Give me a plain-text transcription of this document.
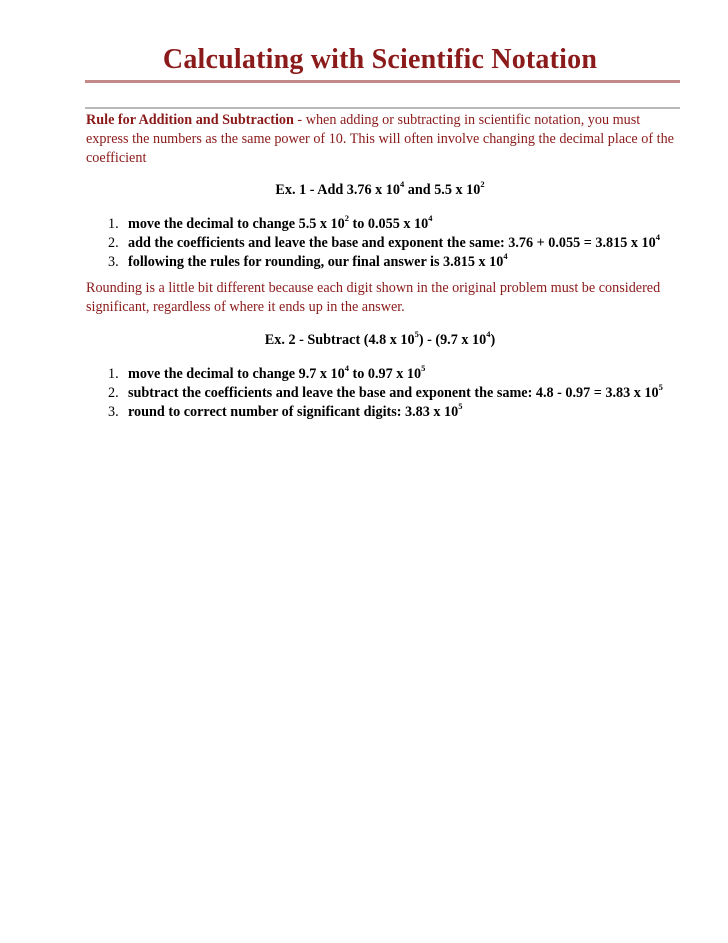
Calculating with Scientific Notation
Rule for Addition and Subtraction - when adding or subtracting in scientific notation, you must express the numbers as the same power of 10. This will often involve changing the decimal place of the coefficient
Ex. 1 - Add 3.76 x $10^4$ and 5.5 x $10^2$
1. move the decimal to change 5.5 x $10^2$ to 0.055 x $10^4$
2. add the coefficients and leave the base and exponent the same: 3.76 + 0.055 = 3.815 x $10^4$
3. following the rules for rounding, our final answer is 3.815 x $10^4$
Rounding is a little bit different because each digit shown in the original problem must be considered significant, regardless of where it ends up in the answer.
Ex. 2 - Subtract (4.8 x $10^5) - (9.7$ x $10^4$)
1. move the decimal to change 9.7 x $10^4$ to 0.97 x $10^5$
2. subtract the coefficients and leave the base and exponent the same: 4.8 - 0.97 = 3.83 x $10^5$
3. round to correct number of significant digits: 3.83 x $10^5$
